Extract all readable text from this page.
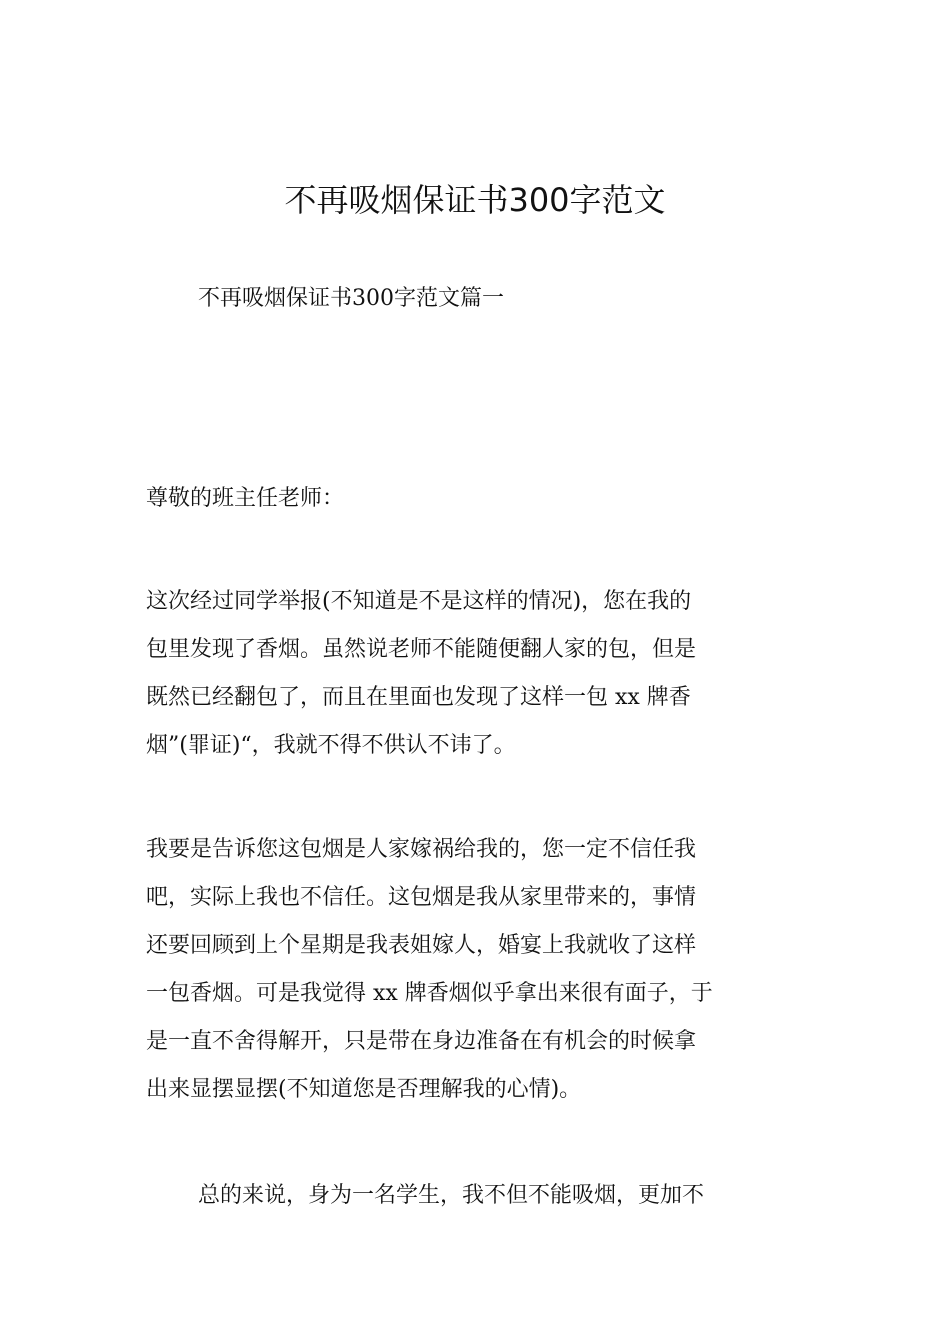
不再吸烟保证书300字范文

不再吸烟保证书300字范文篇一

尊敬的班主任老师：

这次经过同学举报(不知道是不是这样的情况)，您在我的
包里发现了香烟。虽然说老师不能随便翻人家的包，但是
既然已经翻包了，而且在里面也发现了这样一包 xx 牌香
烟”(罪证)“，我就不得不供认不讳了。
我要是告诉您这包烟是人家嫁祸给我的，您一定不信任我
吧，实际上我也不信任。这包烟是我从家里带来的，事情
还要回顾到上个星期是我表姐嫁人，婚宴上我就收了这样
一包香烟。可是我觉得 xx 牌香烟似乎拿出来很有面子，于
是一直不舍得解开，只是带在身边准备在有机会的时候拿
出来显摆显摆(不知道您是否理解我的心情)。
总的来说，身为一名学生，我不但不能吸烟，更加不
